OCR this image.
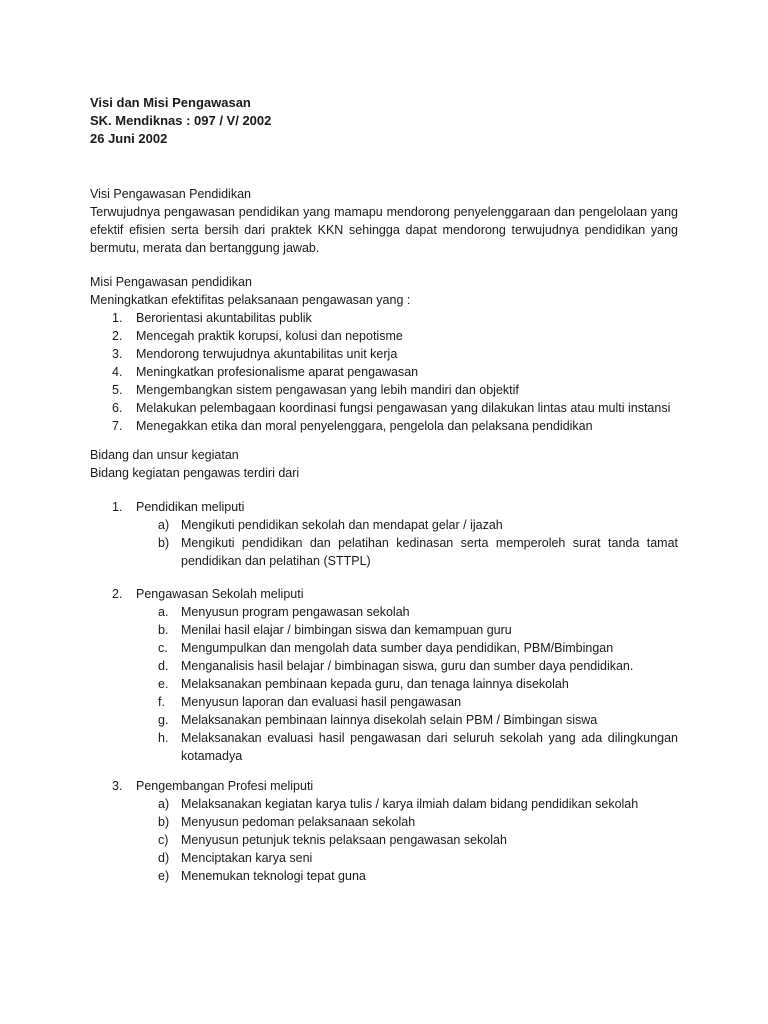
Visi dan Misi Pengawasan
SK. Mendiknas : 097 / V/ 2002
26 Juni 2002
Visi Pengawasan Pendidikan
Terwujudnya pengawasan pendidikan yang mamapu mendorong penyelenggaraan dan pengelolaan yang efektif efisien serta bersih dari praktek KKN sehingga dapat mendorong terwujudnya pendidikan yang bermutu, merata dan bertanggung jawab.
Misi Pengawasan pendidikan
Meningkatkan efektifitas pelaksanaan pengawasan yang :
1. Berorientasi akuntabilitas publik
2. Mencegah praktik korupsi, kolusi dan nepotisme
3. Mendorong terwujudnya akuntabilitas unit kerja
4. Meningkatkan profesionalisme aparat pengawasan
5. Mengembangkan sistem pengawasan yang lebih mandiri dan objektif
6. Melakukan pelembagaan koordinasi fungsi pengawasan yang dilakukan lintas atau multi instansi
7. Menegakkan etika dan moral penyelenggara, pengelola dan pelaksana pendidikan
Bidang dan unsur kegiatan
Bidang kegiatan pengawas terdiri dari
1. Pendidikan meliputi
a) Mengikuti pendidikan sekolah dan mendapat gelar / ijazah
b) Mengikuti pendidikan dan pelatihan kedinasan serta memperoleh surat tanda tamat pendidikan dan pelatihan (STTPL)
2. Pengawasan Sekolah meliputi
a. Menyusun program pengawasan sekolah
b. Menilai hasil elajar / bimbingan siswa dan kemampuan guru
c. Mengumpulkan dan mengolah data sumber daya pendidikan, PBM/Bimbingan
d. Menganalisis hasil belajar / bimbinagan siswa, guru dan sumber daya pendidikan.
e. Melaksanakan pembinaan kepada guru, dan tenaga lainnya disekolah
f. Menyusun laporan dan evaluasi hasil pengawasan
g. Melaksanakan pembinaan lainnya disekolah selain PBM / Bimbingan siswa
h. Melaksanakan evaluasi hasil pengawasan dari seluruh sekolah yang ada dilingkungan kotamadya
3. Pengembangan Profesi meliputi
a) Melaksanakan kegiatan karya tulis / karya ilmiah dalam bidang pendidikan sekolah
b) Menyusun pedoman pelaksanaan sekolah
c) Menyusun petunjuk teknis pelaksaan pengawasan sekolah
d) Menciptakan karya seni
e) Menemukan teknologi tepat guna
